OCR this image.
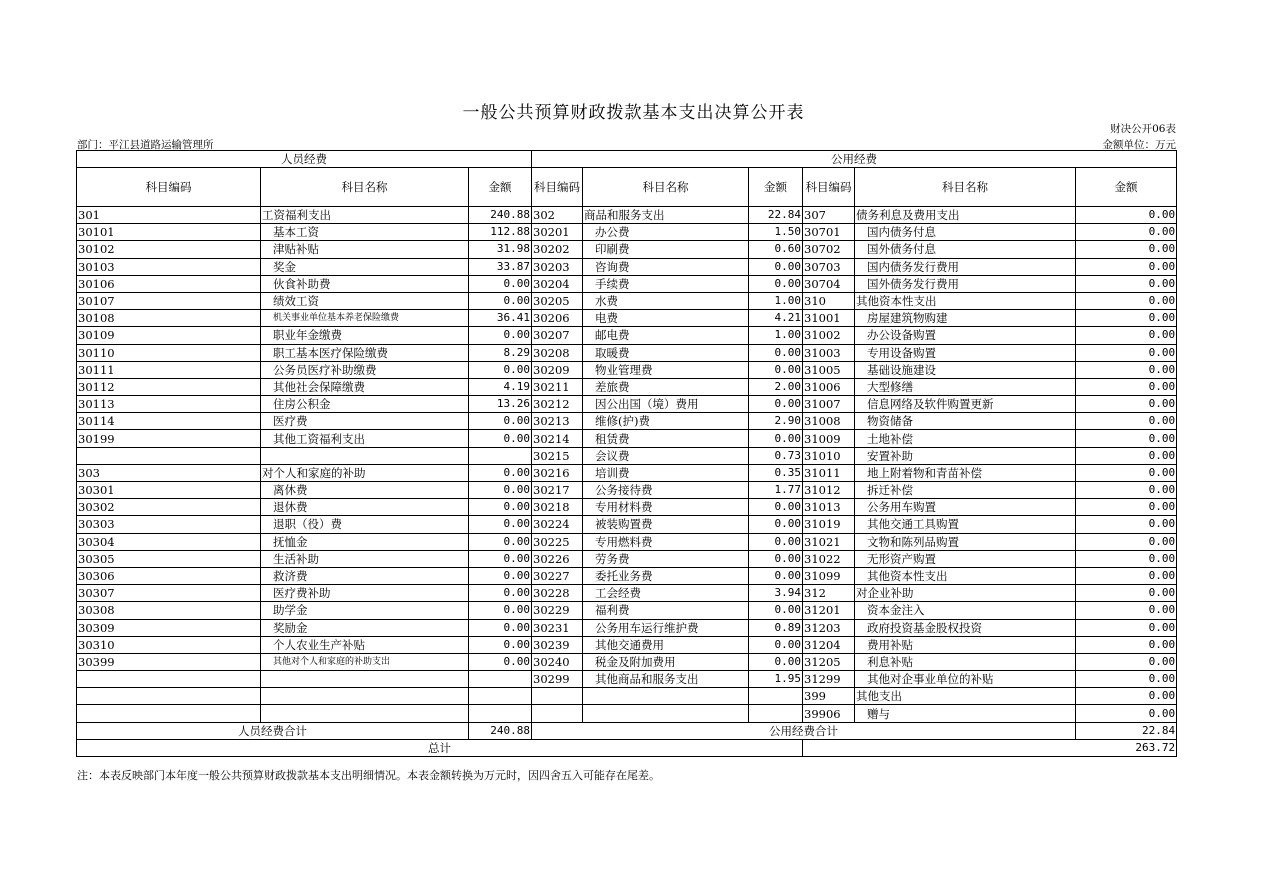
一般公共预算财政拨款基本支出决算公开表
财决公开06表
部门：平江县道路运输管理所	金额单位：万元
人员经费			公用经费					
科目编码	科目名称	金额	科目编码	科目名称	金额	科目编码	科目名称	金额
301	工资福利支出	240.88	302	商品和服务支出	22.84	307	债务利息及费用支出	0.00
30101	基本工资	112.88	30201	办公费	1.50	30701	国内债务付息	0.00
30102	津贴补贴	31.98	30202	印刷费	0.60	30702	国外债务付息	0.00
30103	奖金	33.87	30203	咨询费	0.00	30703	国内债务发行费用	0.00
30106	伙食补助费	0.00	30204	手续费	0.00	30704	国外债务发行费用	0.00
30107	绩效工资	0.00	30205	水费	1.00	310	其他资本性支出	0.00
30108	机关事业单位基本养老保险缴费	36.41	30206	电费	4.21	31001	房屋建筑物购建	0.00
30109	职业年金缴费	0.00	30207	邮电费	1.00	31002	办公设备购置	0.00
30110	职工基本医疗保险缴费	8.29	30208	取暖费	0.00	31003	专用设备购置	0.00
30111	公务员医疗补助缴费	0.00	30209	物业管理费	0.00	31005	基础设施建设	0.00
30112	其他社会保障缴费	4.19	30211	差旅费	2.00	31006	大型修缮	0.00
30113	住房公积金	13.26	30212	因公出国（境）费用	0.00	31007	信息网络及软件购置更新	0.00
30114	医疗费	0.00	30213	维修(护)费	2.90	31008	物资储备	0.00
30199	其他工资福利支出	0.00	30214	租赁费	0.00	31009	土地补偿	0.00
			30215	会议费	0.73	31010	安置补助	0.00
303	对个人和家庭的补助	0.00	30216	培训费	0.35	31011	地上附着物和青苗补偿	0.00
30301	离休费	0.00	30217	公务接待费	1.77	31012	拆迁补偿	0.00
30302	退休费	0.00	30218	专用材料费	0.00	31013	公务用车购置	0.00
30303	退职（役）费	0.00	30224	被装购置费	0.00	31019	其他交通工具购置	0.00
30304	抚恤金	0.00	30225	专用燃料费	0.00	31021	文物和陈列品购置	0.00
30305	生活补助	0.00	30226	劳务费	0.00	31022	无形资产购置	0.00
30306	救济费	0.00	30227	委托业务费	0.00	31099	其他资本性支出	0.00
30307	医疗费补助	0.00	30228	工会经费	3.94	312	对企业补助	0.00
30308	助学金	0.00	30229	福利费	0.00	31201	资本金注入	0.00
30309	奖励金	0.00	30231	公务用车运行维护费	0.89	31203	政府投资基金股权投资	0.00
30310	个人农业生产补贴	0.00	30239	其他交通费用	0.00	31204	费用补贴	0.00
30399	其他对个人和家庭的补助支出	0.00	30240	税金及附加费用	0.00	31205	利息补贴	0.00
			30299	其他商品和服务支出	1.95	31299	其他对企事业单位的补贴	0.00
						399	其他支出	0.00
						39906	赠与	0.00
人员经费合计		240.88	公用经费合计					22.84
总计						263.72		
注：本表反映部门本年度一般公共预算财政拨款基本支出明细情况。本表金额转换为万元时，因四舍五入可能存在尾差。
